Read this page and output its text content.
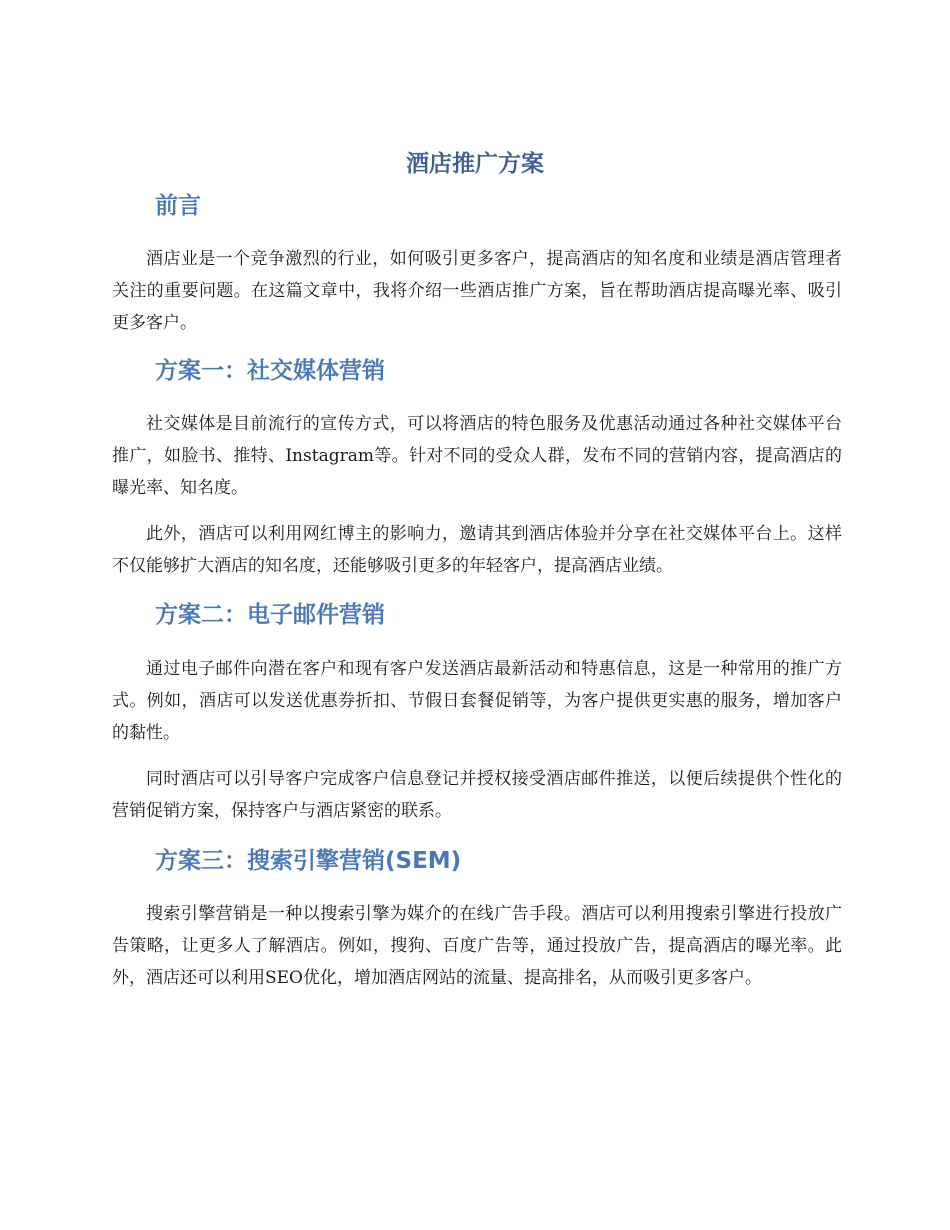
酒店推广方案
前言

酒店业是一个竞争激烈的行业，如何吸引更多客户，提高酒店的知名度和业绩是酒店管理者关注的重要问题。在这篇文章中，我将介绍一些酒店推广方案，旨在帮助酒店提高曝光率、吸引更多客户。

方案一：社交媒体营销

社交媒体是目前流行的宣传方式，可以将酒店的特色服务及优惠活动通过各种社交媒体平台推广，如脸书、推特、Instagram等。针对不同的受众人群，发布不同的营销内容，提高酒店的曝光率、知名度。

此外，酒店可以利用网红博主的影响力，邀请其到酒店体验并分享在社交媒体平台上。这样不仅能够扩大酒店的知名度，还能够吸引更多的年轻客户，提高酒店业绩。

方案二：电子邮件营销

通过电子邮件向潜在客户和现有客户发送酒店最新活动和特惠信息，这是一种常用的推广方式。例如，酒店可以发送优惠券折扣、节假日套餐促销等，为客户提供更实惠的服务，增加客户的黏性。

同时酒店可以引导客户完成客户信息登记并授权接受酒店邮件推送，以便后续提供个性化的营销促销方案，保持客户与酒店紧密的联系。

方案三：搜索引擎营销(SEM)

搜索引擎营销是一种以搜索引擎为媒介的在线广告手段。酒店可以利用搜索引擎进行投放广告策略，让更多人了解酒店。例如，搜狗、百度广告等，通过投放广告，提高酒店的曝光率。此外，酒店还可以利用SEO优化，增加酒店网站的流量、提高排名，从而吸引更多客户。
